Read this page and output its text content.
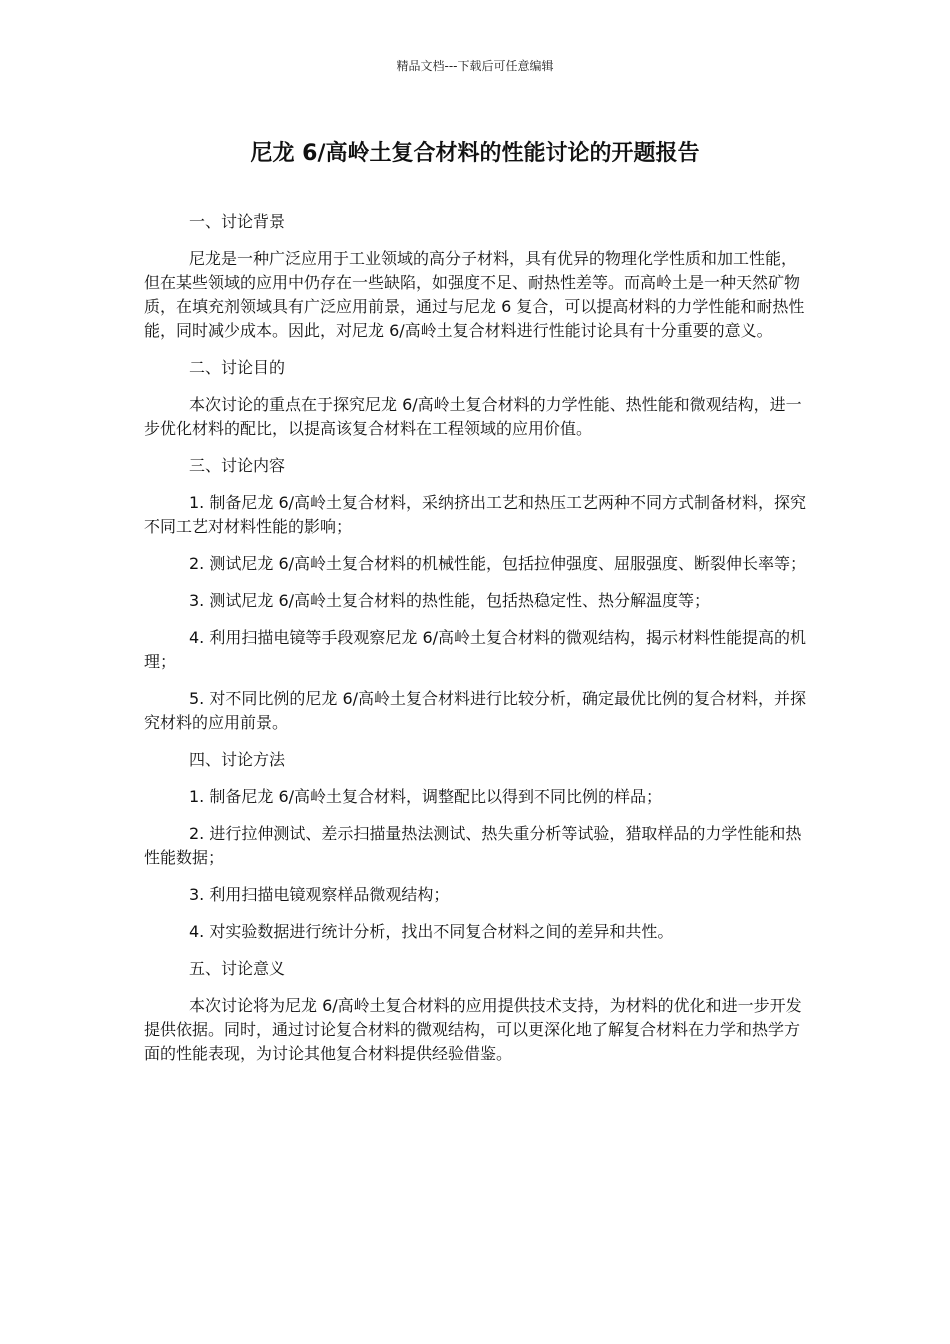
精品文档---下载后可任意编辑
尼龙 6/高岭土复合材料的性能讨论的开题报告

一、讨论背景

尼龙是一种广泛应用于工业领域的高分子材料，具有优异的物理化学性质和加工性能，但在某些领域的应用中仍存在一些缺陷，如强度不足、耐热性差等。而高岭土是一种天然矿物质，在填充剂领域具有广泛应用前景，通过与尼龙 6 复合，可以提高材料的力学性能和耐热性能，同时减少成本。因此，对尼龙 6/高岭土复合材料进行性能讨论具有十分重要的意义。

二、讨论目的

本次讨论的重点在于探究尼龙 6/高岭土复合材料的力学性能、热性能和微观结构，进一步优化材料的配比，以提高该复合材料在工程领域的应用价值。

三、讨论内容

1. 制备尼龙 6/高岭土复合材料，采纳挤出工艺和热压工艺两种不同方式制备材料，探究不同工艺对材料性能的影响；

2. 测试尼龙 6/高岭土复合材料的机械性能，包括拉伸强度、屈服强度、断裂伸长率等；

3. 测试尼龙 6/高岭土复合材料的热性能，包括热稳定性、热分解温度等；

4. 利用扫描电镜等手段观察尼龙 6/高岭土复合材料的微观结构，揭示材料性能提高的机理；

5. 对不同比例的尼龙 6/高岭土复合材料进行比较分析，确定最优比例的复合材料，并探究材料的应用前景。

四、讨论方法

1. 制备尼龙 6/高岭土复合材料，调整配比以得到不同比例的样品；

2. 进行拉伸测试、差示扫描量热法测试、热失重分析等试验，猎取样品的力学性能和热性能数据；

3. 利用扫描电镜观察样品微观结构；

4. 对实验数据进行统计分析，找出不同复合材料之间的差异和共性。

五、讨论意义

本次讨论将为尼龙 6/高岭土复合材料的应用提供技术支持，为材料的优化和进一步开发提供依据。同时，通过讨论复合材料的微观结构，可以更深化地了解复合材料在力学和热学方面的性能表现，为讨论其他复合材料提供经验借鉴。
